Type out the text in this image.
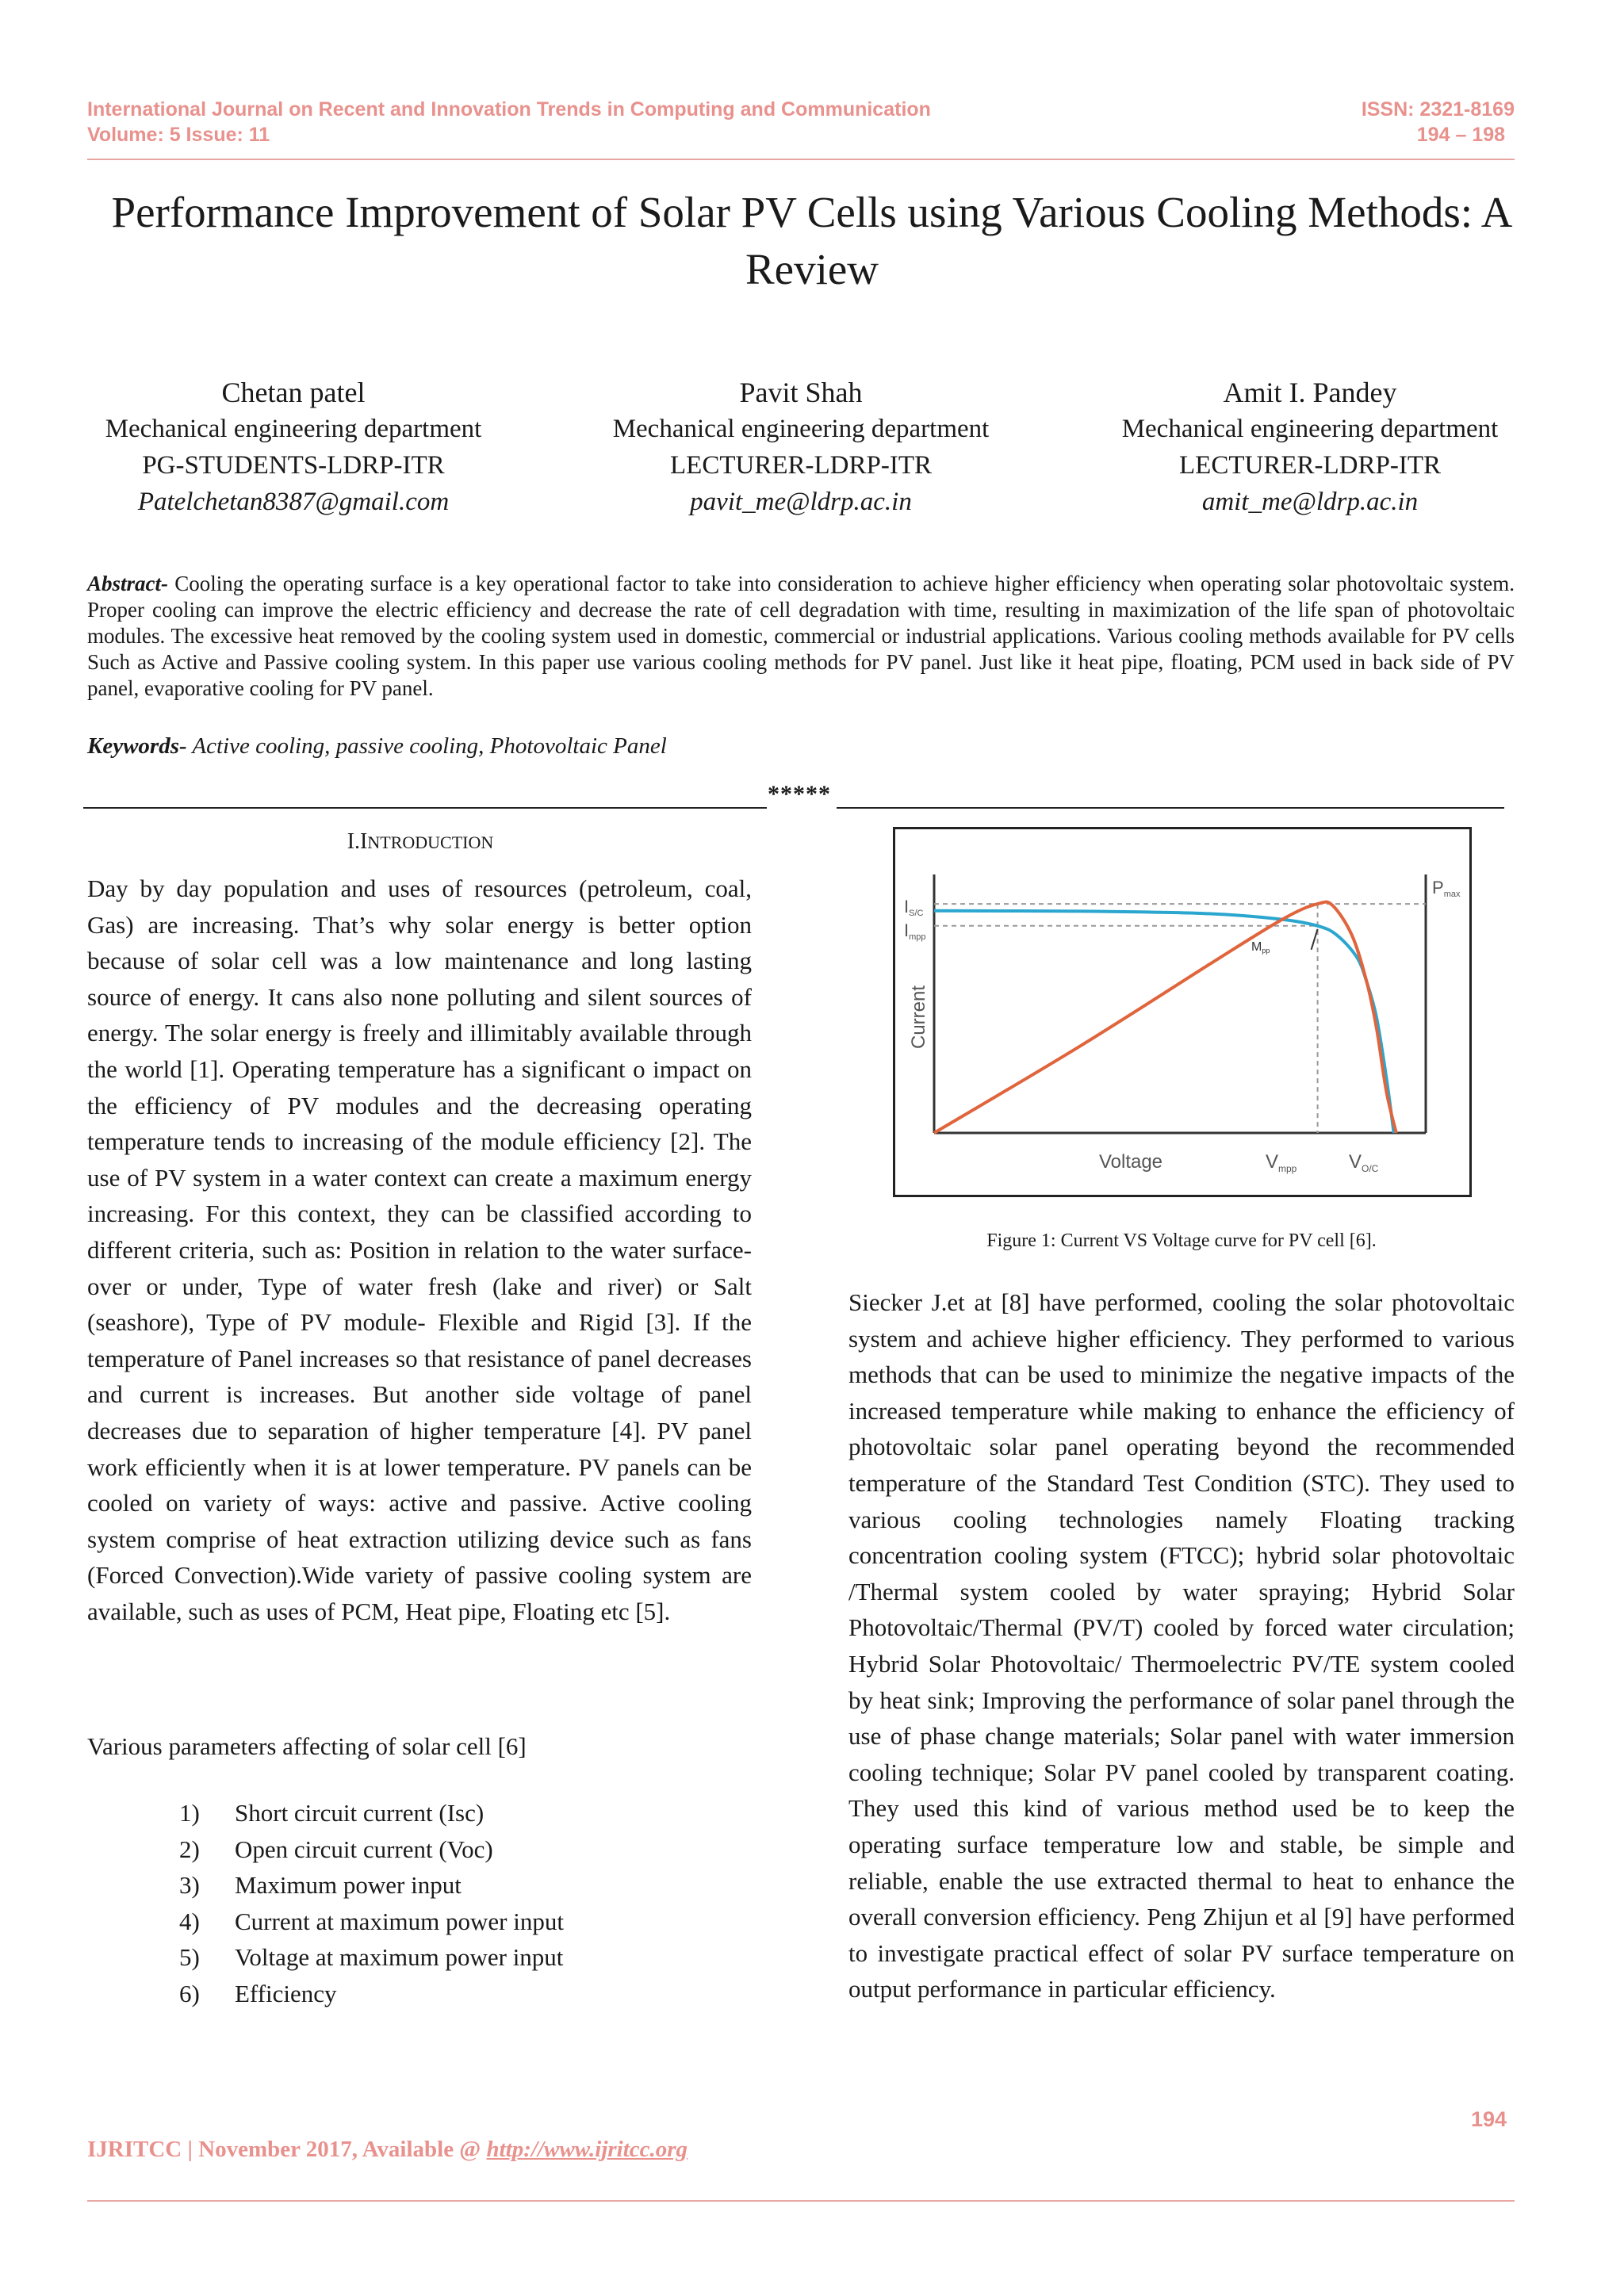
International Journal on Recent and Innovation Trends in Computing and Communication
Volume: 5 Issue: 11
ISSN: 2321-8169
194 – 198
Performance Improvement of Solar PV Cells using Various Cooling Methods: A Review
Chetan patel
Mechanical engineering department
PG-STUDENTS-LDRP-ITR
Patelchetan8387@gmail.com
Pavit Shah
Mechanical engineering department
LECTURER-LDRP-ITR
pavit_me@ldrp.ac.in
Amit I. Pandey
Mechanical engineering department
LECTURER-LDRP-ITR
amit_me@ldrp.ac.in
Abstract- Cooling the operating surface is a key operational factor to take into consideration to achieve higher efficiency when operating solar photovoltaic system. Proper cooling can improve the electric efficiency and decrease the rate of cell degradation with time, resulting in maximization of the life span of photovoltaic modules. The excessive heat removed by the cooling system used in domestic, commercial or industrial applications. Various cooling methods available for PV cells Such as Active and Passive cooling system. In this paper use various cooling methods for PV panel. Just like it heat pipe, floating, PCM used in back side of PV panel, evaporative cooling for PV panel.
Keywords- Active cooling, passive cooling, Photovoltaic Panel
*****
I.INTRODUCTION
Day by day population and uses of resources (petroleum, coal, Gas) are increasing. That’s why solar energy is better option because of solar cell was a low maintenance and long lasting source of energy. It cans also none polluting and silent sources of energy. The solar energy is freely and illimitably available through the world [1]. Operating temperature has a significant o impact on the efficiency of PV modules and the decreasing operating temperature tends to increasing of the module efficiency [2]. The use of PV system in a water context can create a maximum energy increasing. For this context, they can be classified according to different criteria, such as: Position in relation to the water surface- over or under, Type of water fresh (lake and river) or Salt (seashore), Type of PV module- Flexible and Rigid [3]. If the temperature of Panel increases so that resistance of panel decreases and current is increases. But another side voltage of panel decreases due to separation of higher temperature [4]. PV panel work efficiently when it is at lower temperature. PV panels can be cooled on variety of ways: active and passive. Active cooling system comprise of heat extraction utilizing device such as fans (Forced Convection).Wide variety of passive cooling system are available, such as uses of PCM, Heat pipe, Floating etc [5].
Various parameters affecting of solar cell [6]
1) Short circuit current (Isc)
2) Open circuit current (Voc)
3) Maximum power input
4) Current at maximum power input
5) Voltage at maximum power input
6) Efficiency
IS/C
Impp
Pmax
Mpp
Current
Voltage	$V_{mpp}$	$V_{O/C}$
Figure 1: Current VS Voltage curve for PV cell [6].
Siecker J.et at [8] have performed, cooling the solar photovoltaic system and achieve higher efficiency. They performed to various methods that can be used to minimize the negative impacts of the increased temperature while making to enhance the efficiency of photovoltaic solar panel operating beyond the recommended temperature of the Standard Test Condition (STC). They used to various cooling technologies namely Floating tracking concentration cooling system (FTCC); hybrid solar photovoltaic /Thermal system cooled by water spraying; Hybrid Solar Photovoltaic/Thermal (PV/T) cooled by forced water circulation; Hybrid Solar Photovoltaic/ Thermoelectric PV/TE system cooled by heat sink; Improving the performance of solar panel through the use of phase change materials; Solar panel with water immersion cooling technique; Solar PV panel cooled by transparent coating. They used this kind of various method used be to keep the operating surface temperature low and stable, be simple and reliable, enable the use extracted thermal to heat to enhance the overall conversion efficiency. Peng Zhijun et al [9] have performed to investigate practical effect of solar PV surface temperature on output performance in particular efficiency.
194
IJRITCC | November 2017, Available @ http://www.ijritcc.org
